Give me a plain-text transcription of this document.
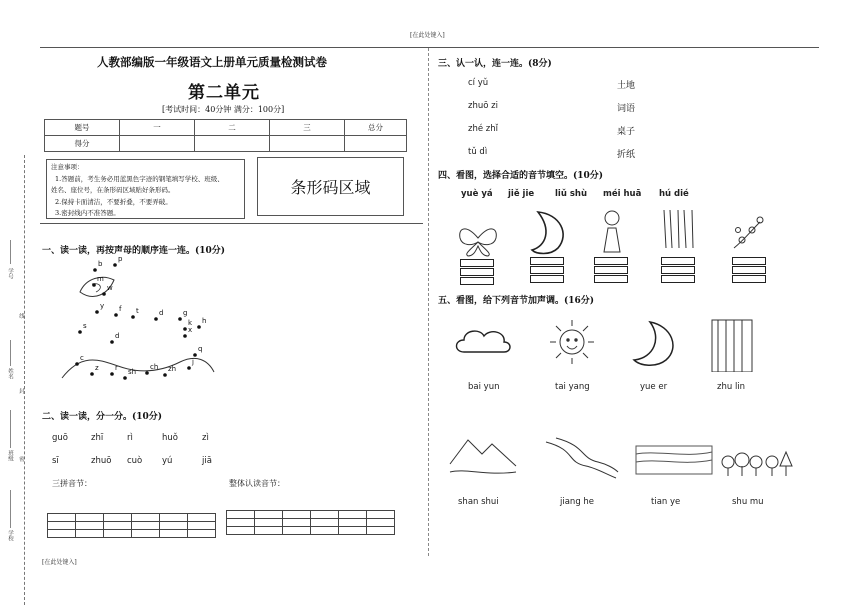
[在此处键入]
学号
线
姓名
封
班级 密
学校
人教部编版一年级语文上册单元质量检测试卷
第二单元
[考试时间：40分钟 满分：100分]
题号	一	二	三	总分
得分				
注意事项：
1.答题前，考生务必用蓝黑色字迹的钢笔填写学校、班级、
姓名、座位号，在条形码区域贴好条形码。
2.保持卡面清洁，不要折叠，不要弄破。
3.密封线内不准答题。
条形码区域
一、读一读，再按声母的顺序连一连。(10分)
b
p
m
w
y f t	d	g
h
k
x
s
d
q
j
c
z r sh
ch zh
二、读一读，分一分。(10分)
guō	zhī	rì	huǒ	zì
sī	zhuō cuò yú	jiā
三拼音节：	整体认读音节：

[在此处键入]
三、认一认，连一连。(8分)
cí yǔ
zhuō zi
zhé zhǐ
tǔ dì
土地
词语
桌子
折纸
四、看图，选择合适的音节填空。(10分)
yuè yá jiě jie liǔ shù méi huā hú dié
五、看图，给下列音节加声调。(16分)
bai yun	tai yang	yue er	zhu lin
shan shui	jiang he	tian ye	shu mu
